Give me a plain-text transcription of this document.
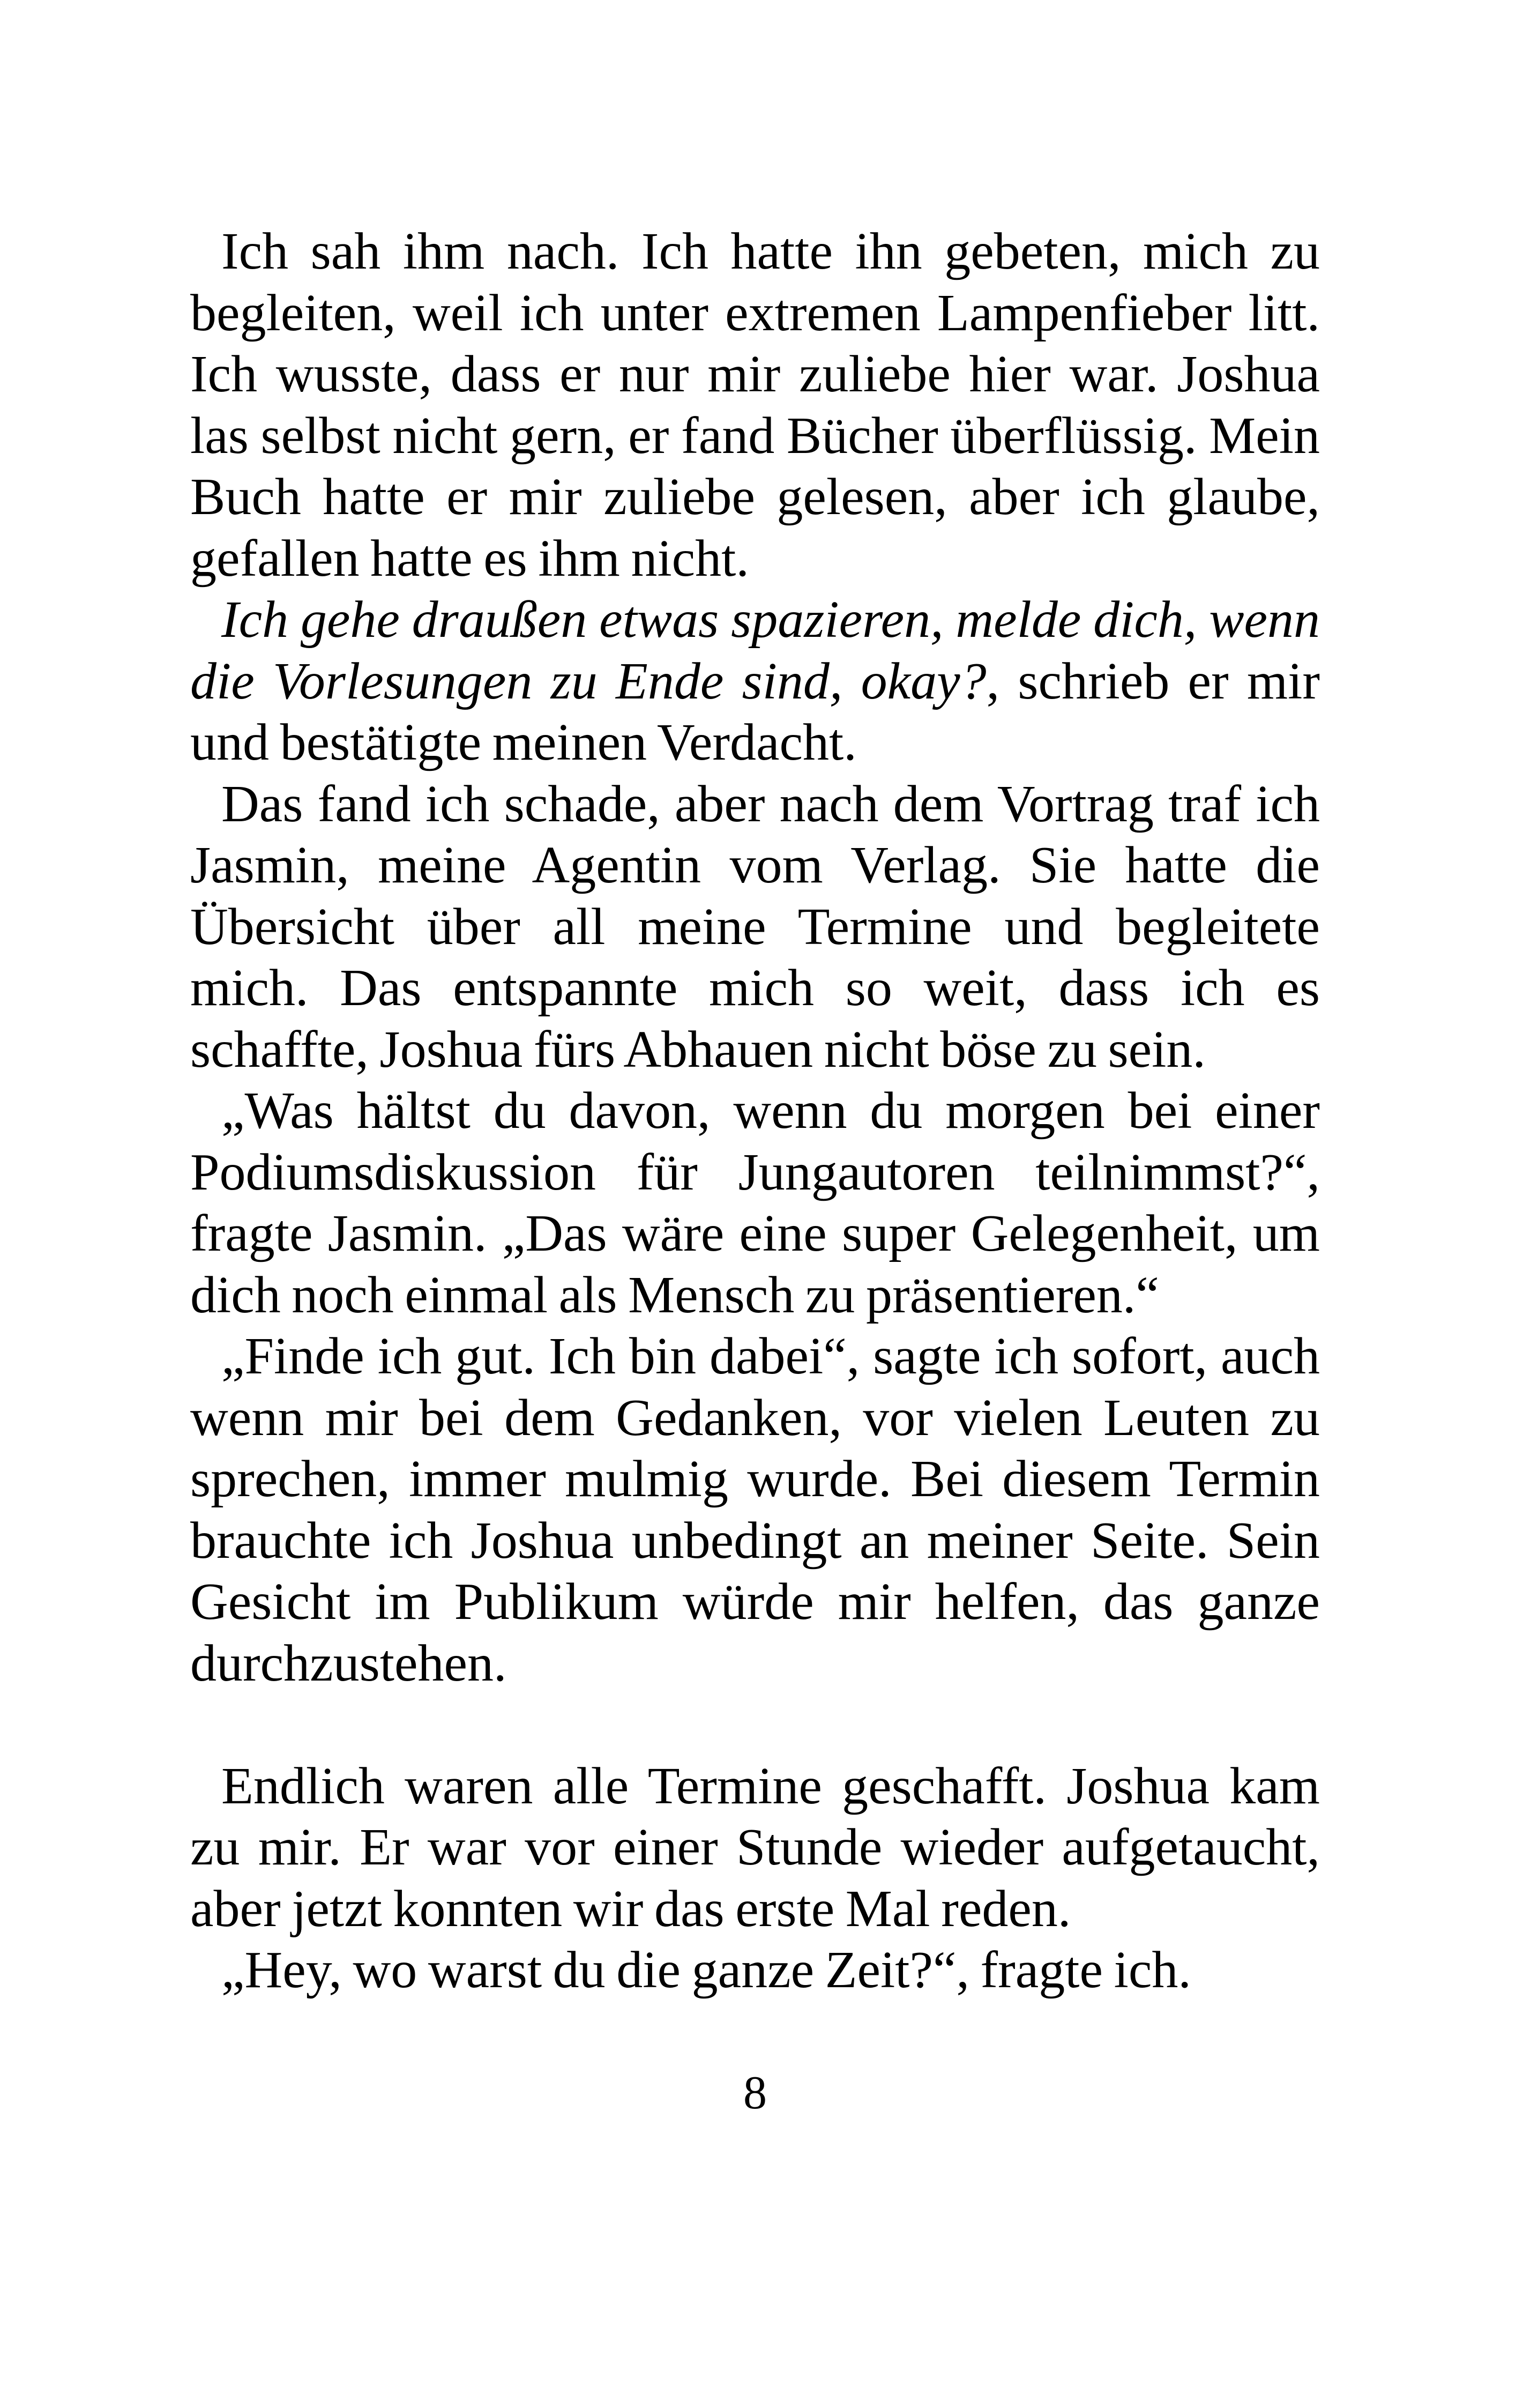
Ich sah ihm nach. Ich hatte ihn gebeten, mich zu
begleiten, weil ich unter extremen Lampenfieber litt.
Ich wusste, dass er nur mir zuliebe hier war. Joshua
las selbst nicht gern, er fand Bücher überflüssig. Mein
Buch hatte er mir zuliebe gelesen, aber ich glaube,
gefallen hatte es ihm nicht.
Ich gehe draußen etwas spazieren, melde dich, wenn
die Vorlesungen zu Ende sind, okay?, schrieb er mir
und bestätigte meinen Verdacht.
Das fand ich schade, aber nach dem Vortrag traf ich
Jasmin, meine Agentin vom Verlag. Sie hatte die
Übersicht über all meine Termine und begleitete
mich. Das entspannte mich so weit, dass ich es
schaffte, Joshua fürs Abhauen nicht böse zu sein.
„Was hältst du davon, wenn du morgen bei einer
Podiumsdiskussion für Jungautoren teilnimmst?“,
fragte Jasmin. „Das wäre eine super Gelegenheit, um
dich noch einmal als Mensch zu präsentieren.“
„Finde ich gut. Ich bin dabei“, sagte ich sofort, auch
wenn mir bei dem Gedanken, vor vielen Leuten zu
sprechen, immer mulmig wurde. Bei diesem Termin
brauchte ich Joshua unbedingt an meiner Seite. Sein
Gesicht im Publikum würde mir helfen, das ganze
durchzustehen.
Endlich waren alle Termine geschafft. Joshua kam
zu mir. Er war vor einer Stunde wieder aufgetaucht,
aber jetzt konnten wir das erste Mal reden.
„Hey, wo warst du die ganze Zeit?“, fragte ich.
8
